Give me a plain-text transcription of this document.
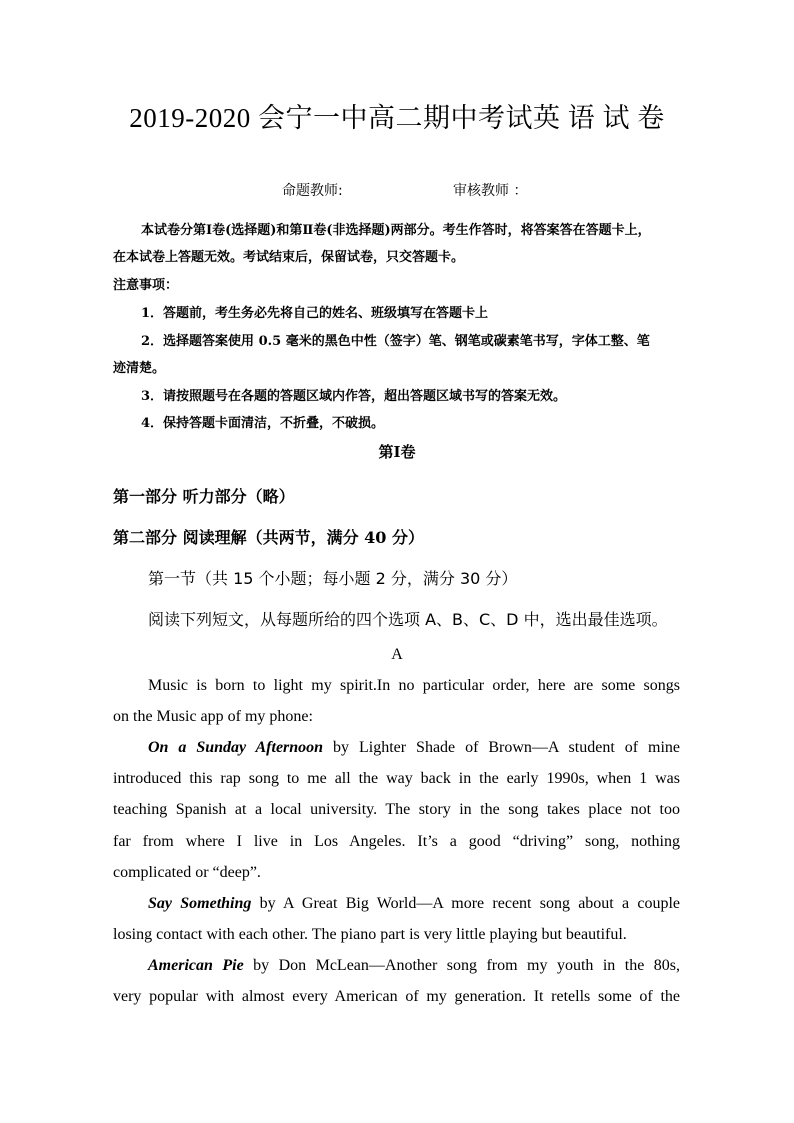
2019-2020 会宁一中高二期中考试英 语 试 卷
命题教师:	审核教师 ：
本试卷分第Ⅰ卷(选择题)和第Ⅱ卷(非选择题)两部分。考生作答时，将答案答在答题卡上，
在本试卷上答题无效。考试结束后，保留试卷，只交答题卡。
注意事项：
1．答题前，考生务必先将自己的姓名、班级填写在答题卡上
2．选择题答案使用 0.5 毫米的黑色中性（签字）笔、钢笔或碳素笔书写，字体工整、笔
迹清楚。
3．请按照题号在各题的答题区域内作答，超出答题区域书写的答案无效。
4．保持答题卡面清洁，不折叠，不破损。
第Ⅰ卷
第一部分 听力部分（略）
第二部分 阅读理解（共两节，满分 40 分）
第一节（共 15 个小题；每小题 2 分，满分 30 分）
阅读下列短文，从每题所给的四个选项 A、B、C、D 中，选出最佳选项。
A
Music is born to light my spirit.In no particular order, here are some songs
on the Music app of my phone:
On a Sunday Afternoon by Lighter Shade of Brown—A student of mine
introduced this rap song to me all the way back in the early 1990s, when 1 was
teaching Spanish at a local university. The story in the song takes place not too
far from where I live in Los Angeles. It’s a good “driving” song, nothing
complicated or “deep”.
Say Something by A Great Big World—A more recent song about a couple
losing contact with each other. The piano part is very little playing but beautiful.
American Pie by Don McLean—Another song from my youth in the 80s,
very popular with almost every American of my generation. It retells some of the
